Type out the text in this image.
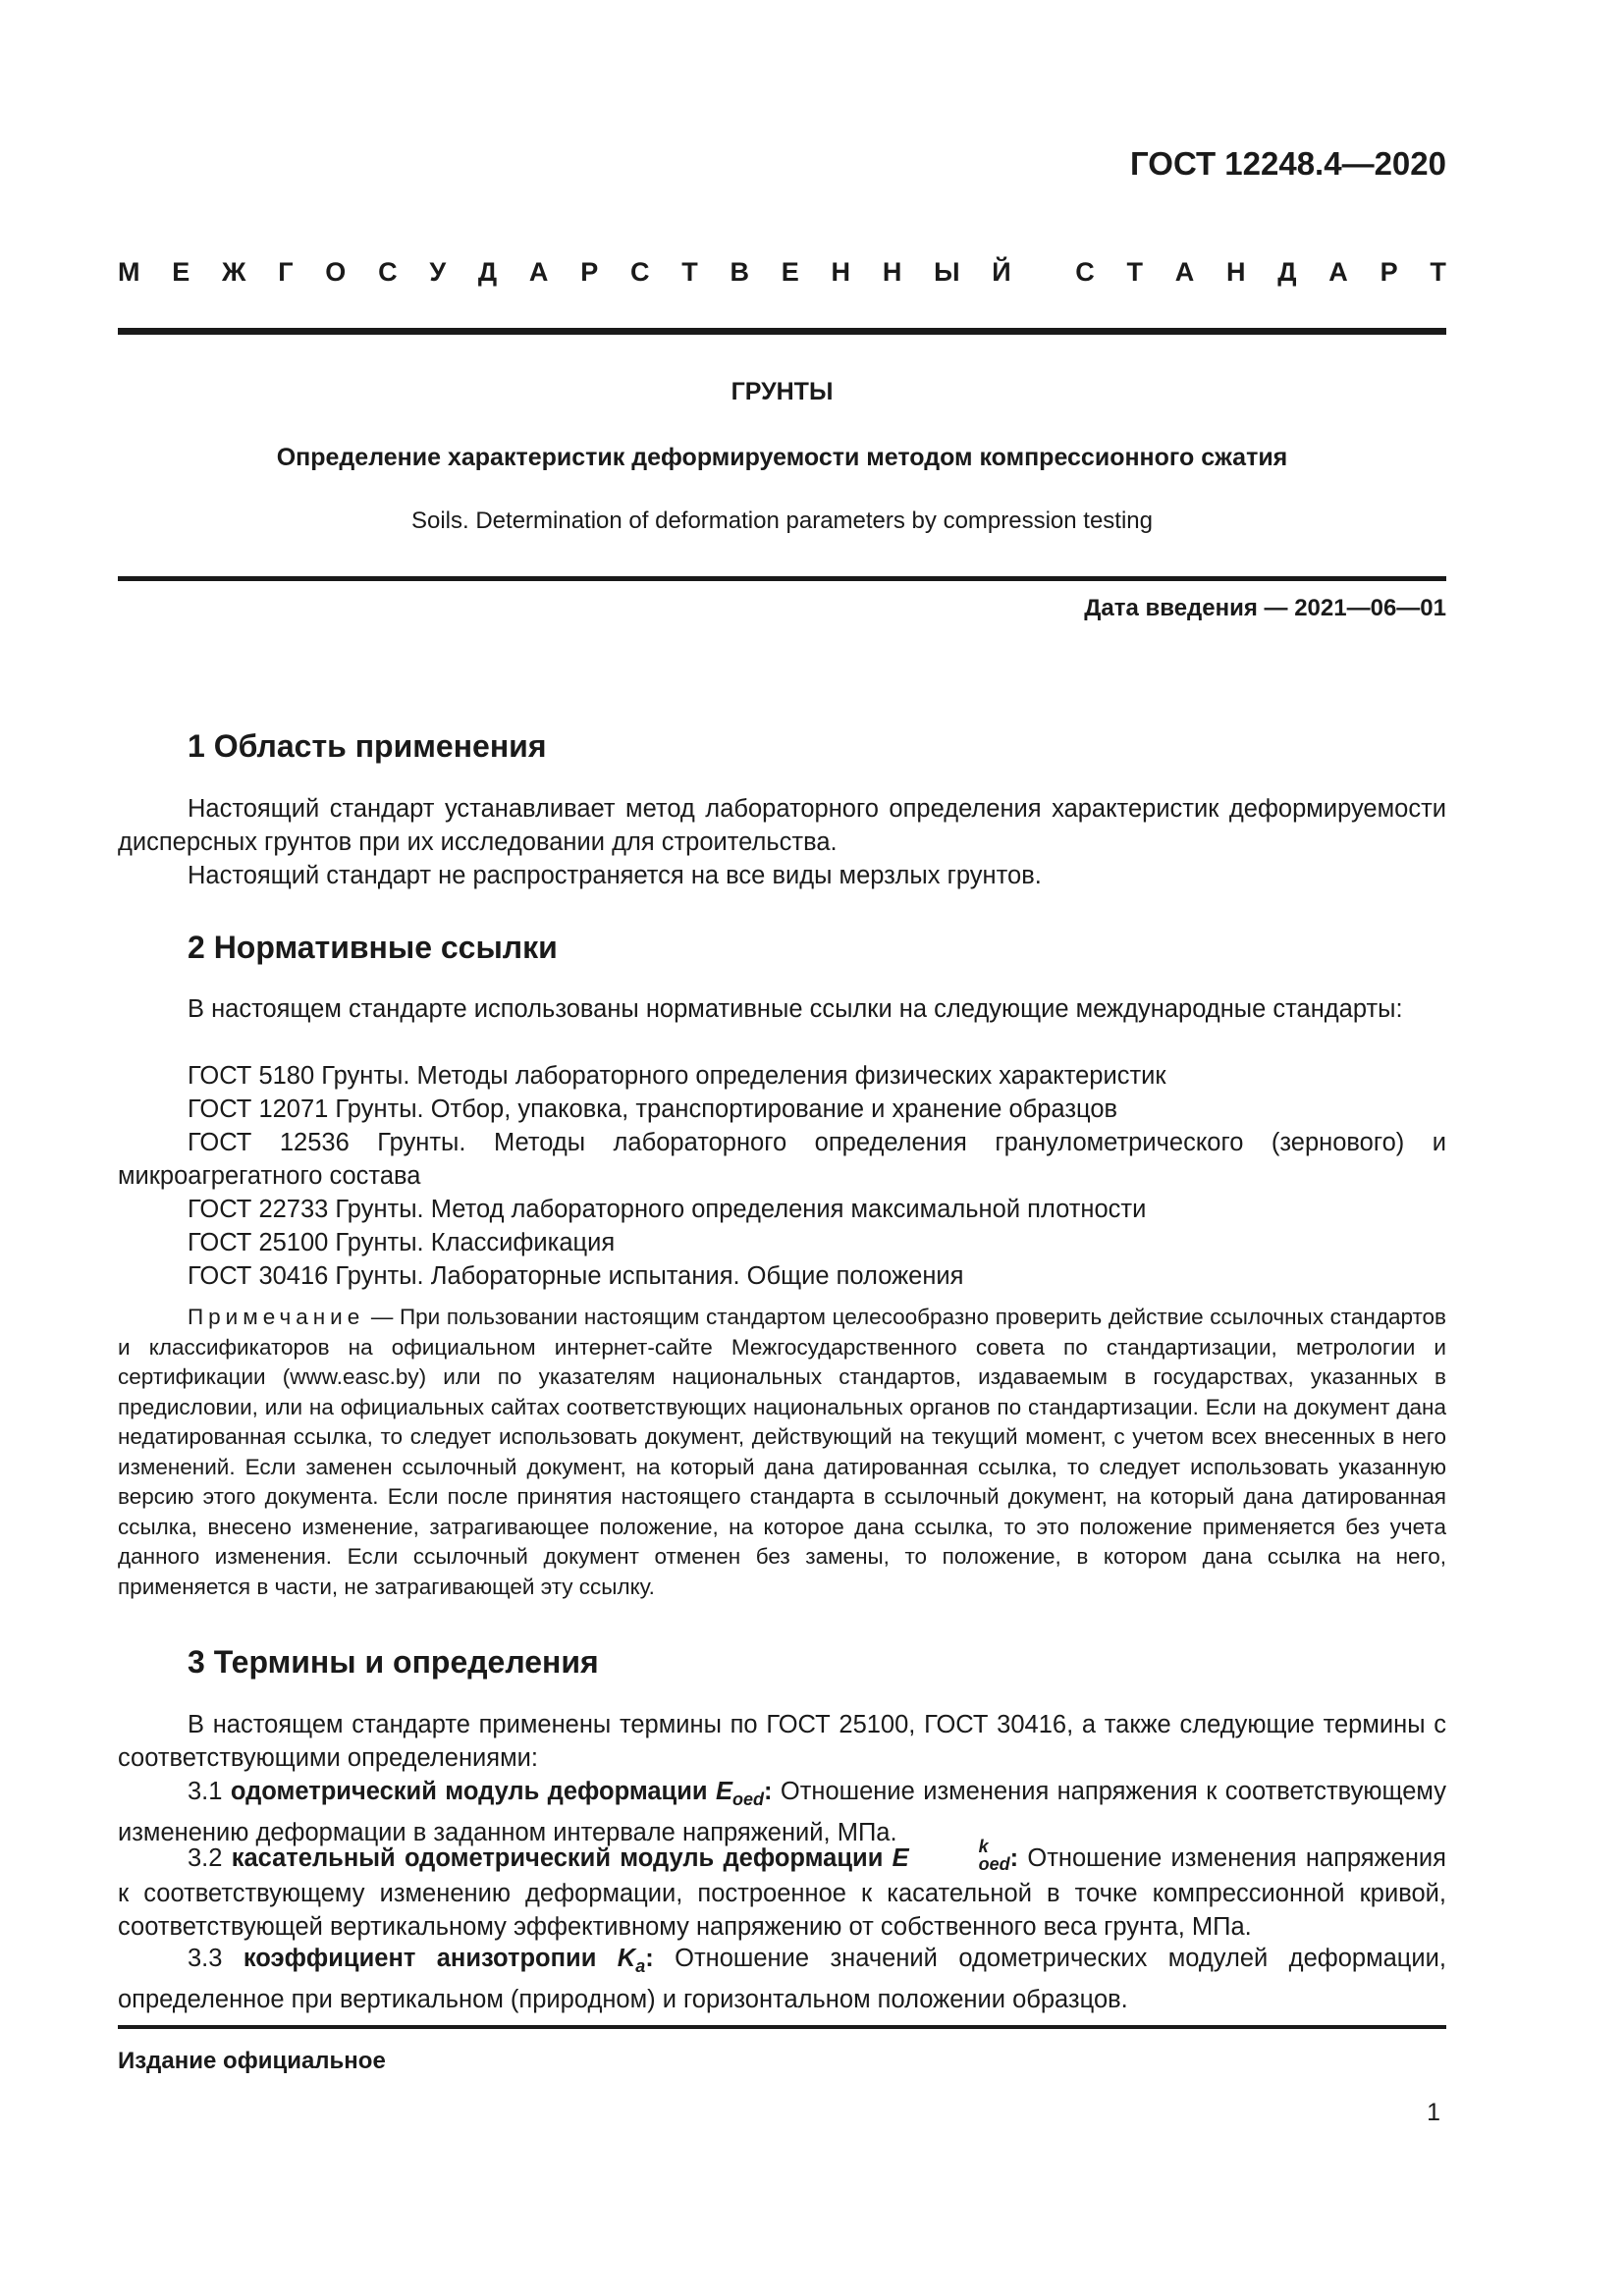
ГОСТ 12248.4—2020
М Е Ж Г О С У Д А Р С Т В Е Н Н Ы Й С Т А Н Д А Р Т
ГРУНТЫ
Определение характеристик деформируемости методом компрессионного сжатия
Soils. Determination of deformation parameters by compression testing
Дата введения — 2021—06—01
1 Область применения
Настоящий стандарт устанавливает метод лабораторного определения характеристик деформируемости дисперсных грунтов при их исследовании для строительства.
Настоящий стандарт не распространяется на все виды мерзлых грунтов.
2 Нормативные ссылки
В настоящем стандарте использованы нормативные ссылки на следующие международные стандарты:
ГОСТ 5180 Грунты. Методы лабораторного определения физических характеристик
ГОСТ 12071 Грунты. Отбор, упаковка, транспортирование и хранение образцов
ГОСТ 12536 Грунты. Методы лабораторного определения гранулометрического (зернового) и микроагрегатного состава
ГОСТ 22733 Грунты. Метод лабораторного определения максимальной плотности
ГОСТ 25100 Грунты. Классификация
ГОСТ 30416 Грунты. Лабораторные испытания. Общие положения
Примечание — При пользовании настоящим стандартом целесообразно проверить действие ссылочных стандартов и классификаторов на официальном интернет-сайте Межгосударственного совета по стандартизации, метрологии и сертификации (www.easc.by) или по указателям национальных стандартов, издаваемым в государствах, указанных в предисловии, или на официальных сайтах соответствующих национальных органов по стандартизации. Если на документ дана недатированная ссылка, то следует использовать документ, действующий на текущий момент, с учетом всех внесенных в него изменений. Если заменен ссылочный документ, на который дана датированная ссылка, то следует использовать указанную версию этого документа. Если после принятия настоящего стандарта в ссылочный документ, на который дана датированная ссылка, внесено изменение, затрагивающее положение, на которое дана ссылка, то это положение применяется без учета данного изменения. Если ссылочный документ отменен без замены, то положение, в котором дана ссылка на него, применяется в части, не затрагивающей эту ссылку.
3 Термины и определения
В настоящем стандарте применены термины по ГОСТ 25100, ГОСТ 30416, а также следующие термины с соответствующими определениями:
3.1 одометрический модуль деформации $E_{oed}$: Отношение изменения напряжения к соответствующему изменению деформации в заданном интервале напряжений, МПа.
3.2 касательный одометрический модуль деформации E	k
oed : Отношение изменения напряжения к соответствующему изменению деформации, построенное к касательной в точке компрессионной кривой, соответствующей вертикальному эффективному напряжению от собственного веса грунта, МПа.
3.3 коэффициент анизотропии $K_a$: Отношение значений одометрических модулей деформации, определенное при вертикальном (природном) и горизонтальном положении образцов.
Издание официальное
1
